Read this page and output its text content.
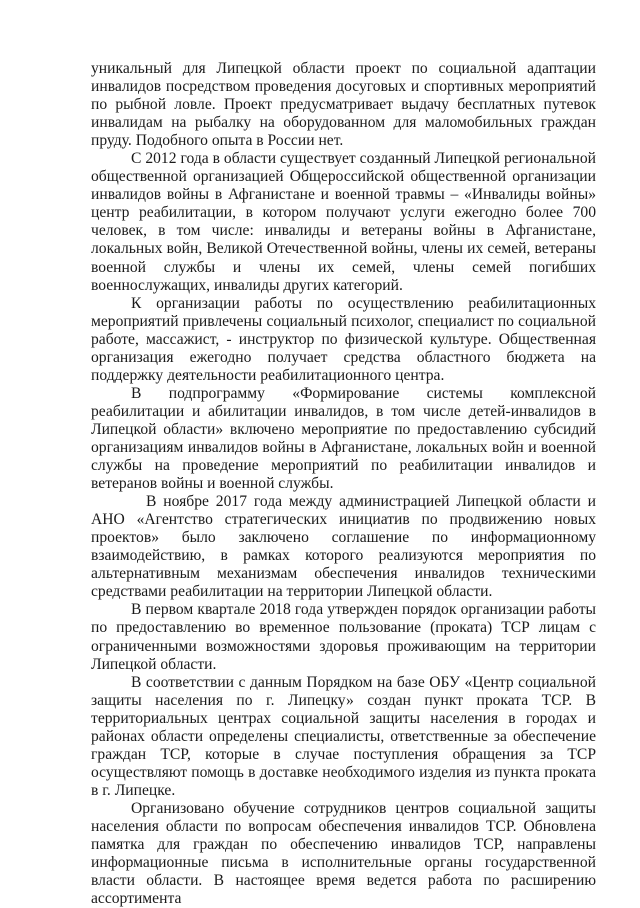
уникальный для Липецкой области проект по социальной адаптации инвалидов посредством проведения досуговых и спортивных мероприятий по рыбной ловле. Проект предусматривает выдачу бесплатных путевок инвалидам на рыбалку на оборудованном для маломобильных граждан пруду. Подобного опыта в России нет.

С 2012 года в области существует созданный Липецкой региональной общественной организацией Общероссийской общественной организации инвалидов войны в Афганистане и военной травмы – «Инвалиды войны» центр реабилитации, в котором получают услуги ежегодно более 700 человек, в том числе: инвалиды и ветераны войны в Афганистане, локальных войн, Великой Отечественной войны, члены их семей, ветераны военной службы и члены их семей, члены семей погибших военнослужащих, инвалиды других категорий.

К организации работы по осуществлению реабилитационных мероприятий привлечены социальный психолог, специалист по социальной работе, массажист, - инструктор по физической культуре. Общественная организация ежегодно получает средства областного бюджета на поддержку деятельности реабилитационного центра.

В подпрограмму «Формирование системы комплексной реабилитации и абилитации инвалидов, в том числе детей-инвалидов в Липецкой области» включено мероприятие по предоставлению субсидий организациям инвалидов войны в Афганистане, локальных войн и военной службы на проведение мероприятий по реабилитации инвалидов и ветеранов войны и военной службы.

В ноябре 2017 года между администрацией Липецкой области и АНО «Агентство стратегических инициатив по продвижению новых проектов» было заключено соглашение по информационному взаимодействию, в рамках которого реализуются мероприятия по альтернативным механизмам обеспечения инвалидов техническими средствами реабилитации на территории Липецкой области.

В первом квартале 2018 года утвержден порядок организации работы по предоставлению во временное пользование (проката) ТСР лицам с ограниченными возможностями здоровья проживающим на территории Липецкой области.

В соответствии с данным Порядком на базе ОБУ «Центр социальной защиты населения по г. Липецку» создан пункт проката ТСР. В территориальных центрах социальной защиты населения в городах и районах области определены специалисты, ответственные за обеспечение граждан ТСР, которые в случае поступления обращения за ТСР осуществляют помощь в доставке необходимого изделия из пункта проката в г. Липецке.

Организовано обучение сотрудников центров социальной защиты населения области по вопросам обеспечения инвалидов ТСР. Обновлена памятка для граждан по обеспечению инвалидов ТСР, направлены информационные письма в исполнительные органы государственной власти области. В настоящее время ведется работа по расширению ассортимента
